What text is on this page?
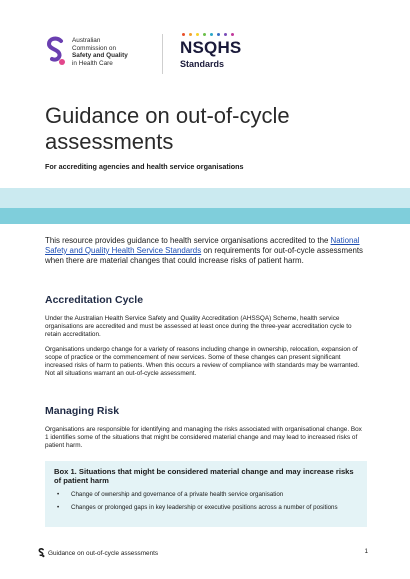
Australian
Commission on
Safety and Quality
in Health Care
NSQHS
Standards
Guidance on out-of-cycle assessments
For accrediting agencies and health service organisations
This resource provides guidance to health service organisations accredited to the National Safety and Quality Health Service Standards on requirements for out-of-cycle assessments when there are material changes that could increase risks of patient harm.
Accreditation Cycle
Under the Australian Health Service Safety and Quality Accreditation (AHSSQA) Scheme, health service organisations are accredited and must be assessed at least once during the three-year accreditation cycle to retain accreditation.
Organisations undergo change for a variety of reasons including change in ownership, relocation, expansion of scope of practice or the commencement of new services. Some of these changes can present significant increased risks of harm to patients. When this occurs a review of compliance with standards may be warranted. Not all situations warrant an out-of-cycle assessment.
Managing Risk
Organisations are responsible for identifying and managing the risks associated with organisational change. Box 1 identifies some of the situations that might be considered material change and may lead to increased risks of patient harm.
Box 1. Situations that might be considered material change and may increase risks of patient harm
•	Change of ownership and governance of a private health service organisation
•	Changes or prolonged gaps in key leadership or executive positions across a number of positions
Guidance on out-of-cycle assessments	1
